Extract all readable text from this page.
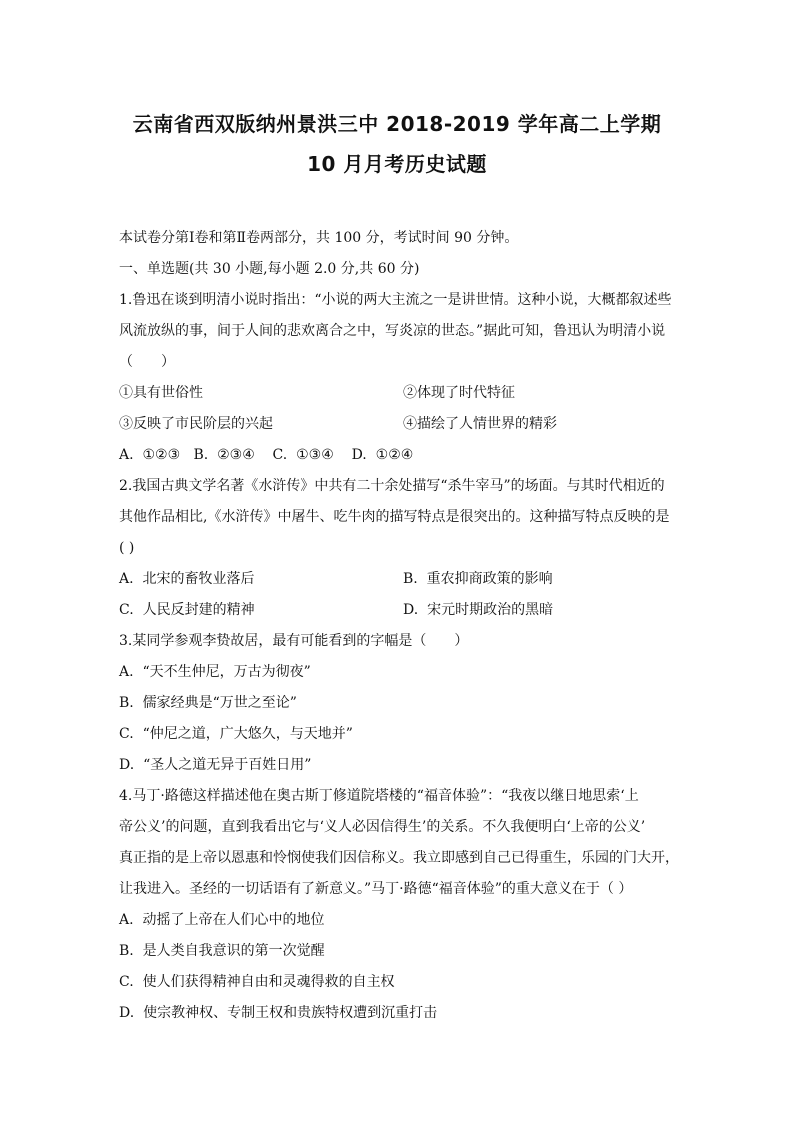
云南省西双版纳州景洪三中 2018-2019 学年高二上学期
10 月月考历史试题
本试卷分第Ⅰ卷和第Ⅱ卷两部分，共 100 分，考试时间 90 分钟。
一、单选题(共 30 小题,每小题 2.0 分,共 60 分)
1.鲁迅在谈到明清小说时指出：“小说的两大主流之一是讲世情。这种小说，大概都叙述些
风流放纵的事，间于人间的悲欢离合之中，写炎凉的世态。”据此可知，鲁迅认为明清小说
（　　）
①具有世俗性	②体现了时代特征
③反映了市民阶层的兴起	④描绘了人情世界的精彩
A.  ①②③   B.  ②③④    C.  ①③④    D.  ①②④
2.我国古典文学名著《水浒传》中共有二十余处描写“杀牛宰马”的场面。与其时代相近的
其他作品相比,《水浒传》中屠牛、吃牛肉的描写特点是很突出的。这种描写特点反映的是
( )
A.  北宋的畜牧业落后	B.  重农抑商政策的影响
C.  人民反封建的精神	D.  宋元时期政治的黑暗
3.某同学参观李贽故居，最有可能看到的字幅是（　　）
A.  “天不生仲尼，万古为彻夜”
B.  儒家经典是“万世之至论”
C.  “仲尼之道，广大悠久，与天地并”
D.  “圣人之道无异于百姓日用”
4.马丁·路德这样描述他在奥古斯丁修道院塔楼的“福音体验”：“我夜以继日地思索‘上
帝公义’的问题，直到我看出它与‘义人必因信得生’的关系。不久我便明白‘上帝的公义’
真正指的是上帝以恩惠和怜悯使我们因信称义。我立即感到自己已得重生，乐园的门大开，
让我进入。圣经的一切话语有了新意义。”马丁·路德“福音体验”的重大意义在于（ ）
A.  动摇了上帝在人们心中的地位
B.  是人类自我意识的第一次觉醒
C.  使人们获得精神自由和灵魂得救的自主权
D.  使宗教神权、专制王权和贵族特权遭到沉重打击
